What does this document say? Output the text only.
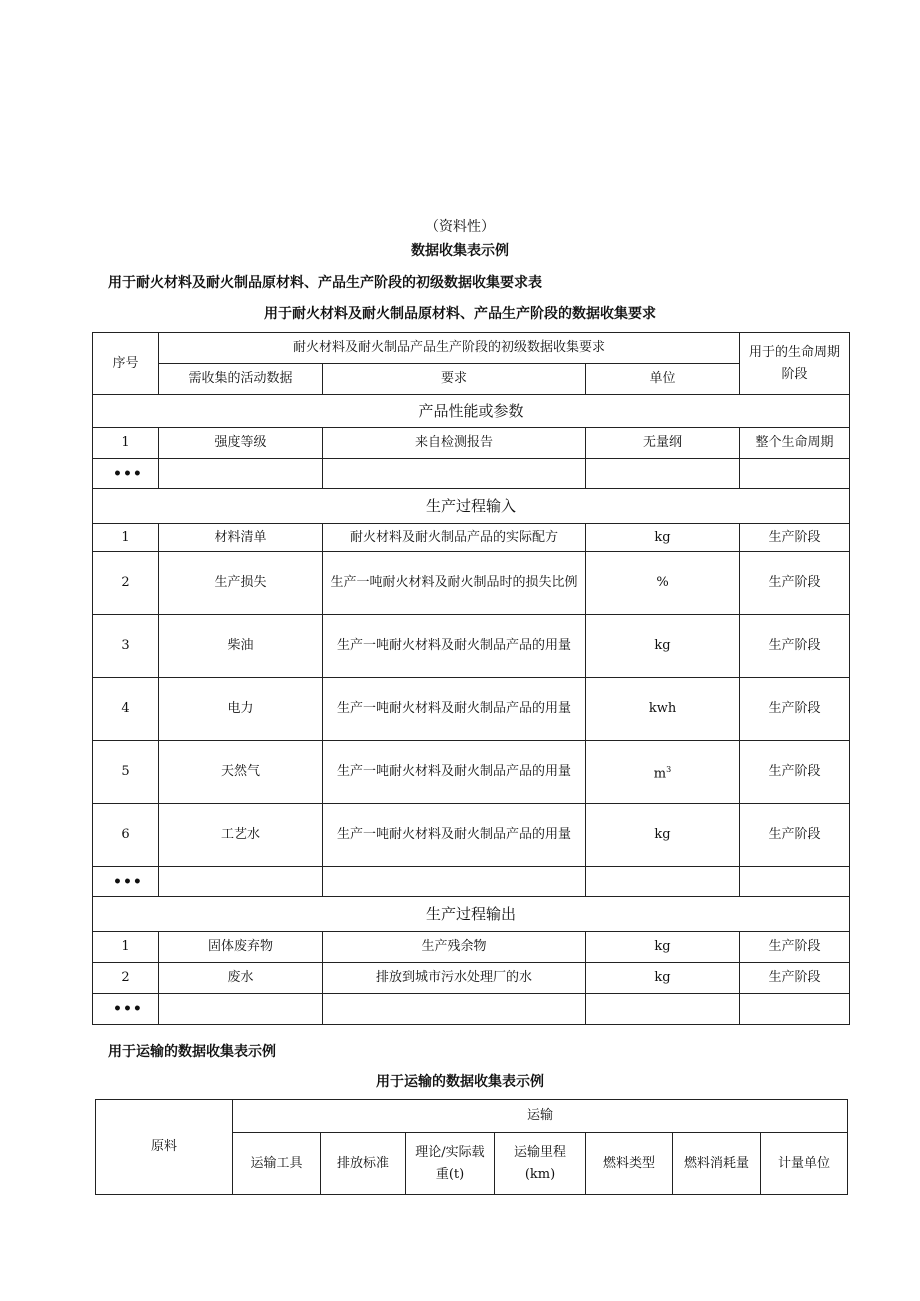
（资料性）
数据收集表示例
用于耐火材料及耐火制品原材料、产品生产阶段的初级数据收集要求表
用于耐火材料及耐火制品原材料、产品生产阶段的数据收集要求
序号	耐火材料及耐火制品产品生产阶段的初级数据收集要求			用于的生命周期阶段
	需收集的活动数据	要求	单位	
产品性能或参数				
1	强度等级	来自检测报告	无量纲	整个生命周期
•••				
生产过程输入				
1	材料清单	耐火材料及耐火制品产品的实际配方	kg	生产阶段
2	生产损失	生产一吨耐火材料及耐火制品时的损失比例	%	生产阶段
3	柴油	生产一吨耐火材料及耐火制品产品的用量	kg	生产阶段
4	电力	生产一吨耐火材料及耐火制品产品的用量	kwh	生产阶段
5	天然气	生产一吨耐火材料及耐火制品产品的用量	$m^3$	生产阶段
6	工艺水	生产一吨耐火材料及耐火制品产品的用量	kg	生产阶段
•••				
生产过程输出				
1	固体废弃物	生产残余物	kg	生产阶段
2	废水	排放到城市污水处理厂的水	kg	生产阶段
•••				
用于运输的数据收集表示例
用于运输的数据收集表示例
原料	运输						
	运输工具	排放标准	理论/实际载重(t)	运输里程(km)	燃料类型	燃料消耗量	计量单位
